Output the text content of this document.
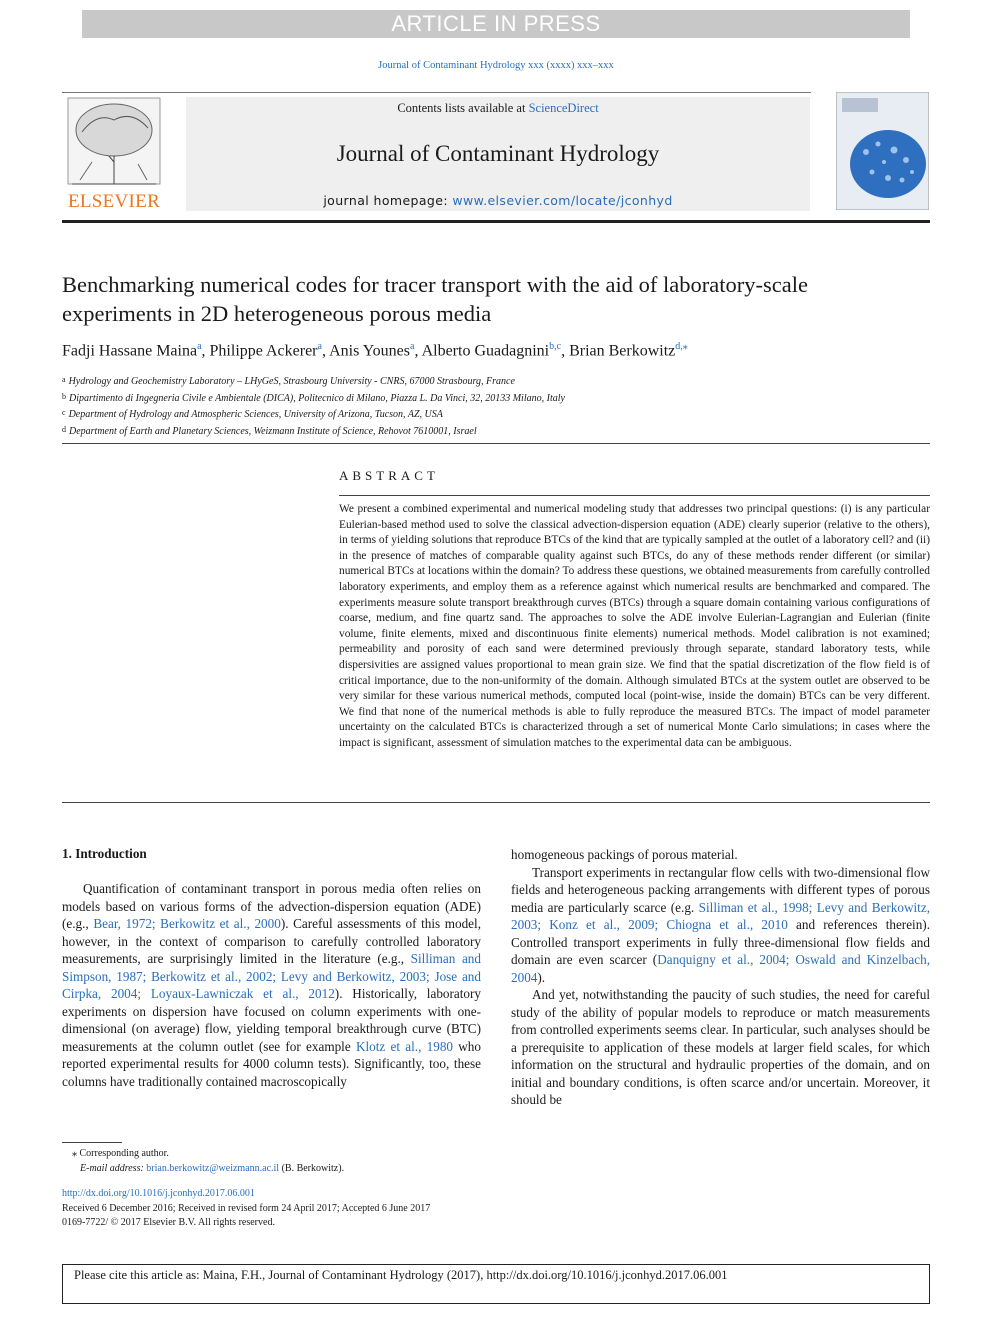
ARTICLE IN PRESS
Journal of Contaminant Hydrology xxx (xxxx) xxx–xxx
ELSEVIER
Contents lists available at ScienceDirect
Journal of Contaminant Hydrology
journal homepage: www.elsevier.com/locate/jconhyd
Benchmarking numerical codes for tracer transport with the aid of laboratory-scale experiments in 2D heterogeneous porous media
Fadji Hassane Maina$^a$, Philippe Ackerer$^a$, Anis Younes$^a$, Alberto Guadagnini$^{b,c}$, Brian Berkowitz$^{d,⁎}$
$^a$ Hydrology and Geochemistry Laboratory – LHyGeS, Strasbourg University - CNRS, 67000 Strasbourg, France
$^b$ Dipartimento di Ingegneria Civile e Ambientale (DICA), Politecnico di Milano, Piazza L. Da Vinci, 32, 20133 Milano, Italy
$^c$ Department of Hydrology and Atmospheric Sciences, University of Arizona, Tucson, AZ, USA
$^d$ Department of Earth and Planetary Sciences, Weizmann Institute of Science, Rehovot 7610001, Israel
ABSTRACT
We present a combined experimental and numerical modeling study that addresses two principal questions: (i) is any particular Eulerian-based method used to solve the classical advection-dispersion equation (ADE) clearly superior (relative to the others), in terms of yielding solutions that reproduce BTCs of the kind that are typically sampled at the outlet of a laboratory cell? and (ii) in the presence of matches of comparable quality against such BTCs, do any of these methods render different (or similar) numerical BTCs at locations within the domain? To address these questions, we obtained measurements from carefully controlled laboratory experiments, and employ them as a reference against which numerical results are benchmarked and compared. The experiments measure solute transport breakthrough curves (BTCs) through a square domain containing various configurations of coarse, medium, and fine quartz sand. The approaches to solve the ADE involve Eulerian-Lagrangian and Eulerian (finite volume, finite elements, mixed and discontinuous finite elements) numerical methods. Model calibration is not examined; permeability and porosity of each sand were determined previously through separate, standard laboratory tests, while dispersivities are assigned values proportional to mean grain size. We find that the spatial discretization of the flow field is of critical importance, due to the non-uniformity of the domain. Although simulated BTCs at the system outlet are observed to be very similar for these various numerical methods, computed local (point-wise, inside the domain) BTCs can be very different. We find that none of the numerical methods is able to fully reproduce the measured BTCs. The impact of model parameter uncertainty on the calculated BTCs is characterized through a set of numerical Monte Carlo simulations; in cases where the impact is significant, assessment of simulation matches to the experimental data can be ambiguous.
1. Introduction

Quantification of contaminant transport in porous media often relies on models based on various forms of the advection-dispersion equation (ADE) (e.g., Bear, 1972; Berkowitz et al., 2000). Careful assessments of this model, however, in the context of comparison to carefully controlled laboratory measurements, are surprisingly limited in the literature (e.g., Silliman and Simpson, 1987; Berkowitz et al., 2002; Levy and Berkowitz, 2003; Jose and Cirpka, 2004; Loyaux-Lawniczak et al., 2012). Historically, laboratory experiments on dispersion have focused on column experiments with one-dimensional (on average) flow, yielding temporal breakthrough curve (BTC) measurements at the column outlet (see for example Klotz et al., 1980 who reported experimental results for 4000 column tests). Significantly, too, these columns have traditionally contained macroscopically

homogeneous packings of porous material.

Transport experiments in rectangular flow cells with two-dimensional flow fields and heterogeneous packing arrangements with different types of porous media are particularly scarce (e.g. Silliman et al., 1998; Levy and Berkowitz, 2003; Konz et al., 2009; Chiogna et al., 2010 and references therein). Controlled transport experiments in fully three-dimensional flow fields and domain are even scarcer (Danquigny et al., 2004; Oswald and Kinzelbach, 2004).

And yet, notwithstanding the paucity of such studies, the need for careful study of the ability of popular models to reproduce or match measurements from controlled experiments seems clear. In particular, such analyses should be a prerequisite to application of these models at larger field scales, for which information on the structural and hydraulic properties of the domain, and on initial and boundary conditions, is often scarce and/or uncertain. Moreover, it should be

⁎ Corresponding author.
E-mail address: brian.berkowitz@weizmann.ac.il (B. Berkowitz).
http://dx.doi.org/10.1016/j.jconhyd.2017.06.001
Received 6 December 2016; Received in revised form 24 April 2017; Accepted 6 June 2017
0169-7722/ © 2017 Elsevier B.V. All rights reserved.
Please cite this article as: Maina, F.H., Journal of Contaminant Hydrology (2017), http://dx.doi.org/10.1016/j.jconhyd.2017.06.001
